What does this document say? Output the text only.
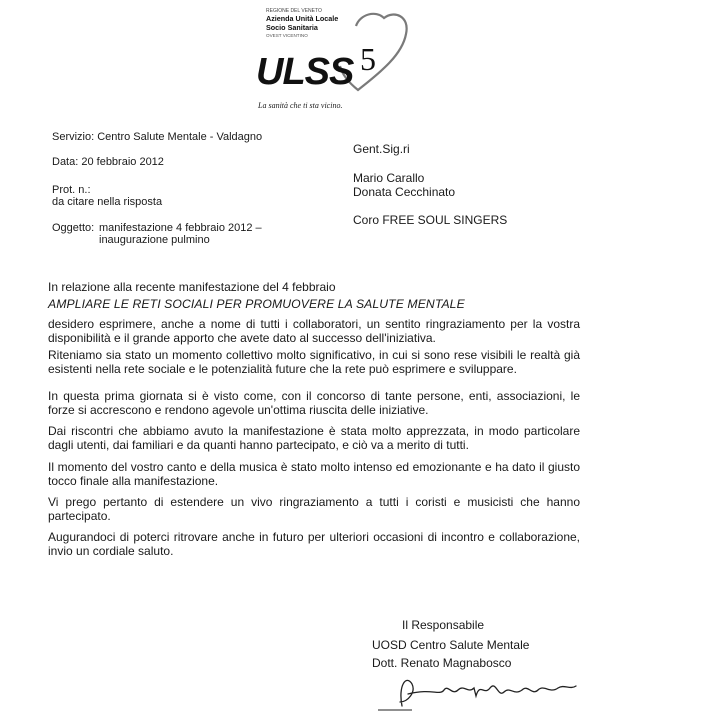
REGIONE DEL VENETO
Azienda Unità Locale
Socio Sanitaria
OVEST VICENTINO
ULSS 5
La sanità che ti sta vicino.
Servizio: Centro Salute Mentale - Valdagno
Data: 20 febbraio 2012
Prot. n.:
da citare nella risposta
Oggetto: manifestazione 4 febbraio 2012 –
inaugurazione pulmino
Gent.Sig.ri
Mario Carallo
Donata Cecchinato
Coro FREE SOUL SINGERS
In relazione alla recente manifestazione del 4 febbraio
AMPLIARE LE RETI SOCIALI PER PROMUOVERE LA SALUTE MENTALE
desidero esprimere, anche a nome di tutti i collaboratori, un sentito ringraziamento per la vostra disponibilità e il grande apporto che avete dato al successo dell'iniziativa.
Riteniamo sia stato un momento collettivo molto significativo, in cui si sono rese visibili le realtà già esistenti nella rete sociale e le potenzialità future che la rete può esprimere e sviluppare.
In questa prima giornata si è visto come, con il concorso di tante persone, enti, associazioni, le forze si accrescono e rendono agevole un'ottima riuscita delle iniziative.
Dai riscontri che abbiamo avuto la manifestazione è stata molto apprezzata, in modo particolare dagli utenti, dai familiari e da quanti hanno partecipato, e ciò va a merito di tutti.
Il momento del vostro canto e della musica è stato molto intenso ed emozionante e ha dato il giusto tocco finale alla manifestazione.
Vi prego pertanto di estendere un vivo ringraziamento a tutti i coristi e musicisti che hanno partecipato.
Augurandoci di poterci ritrovare anche in futuro per ulteriori occasioni di incontro e collaborazione, invio un cordiale saluto.
Il Responsabile
UOSD Centro Salute Mentale
Dott. Renato Magnabosco
